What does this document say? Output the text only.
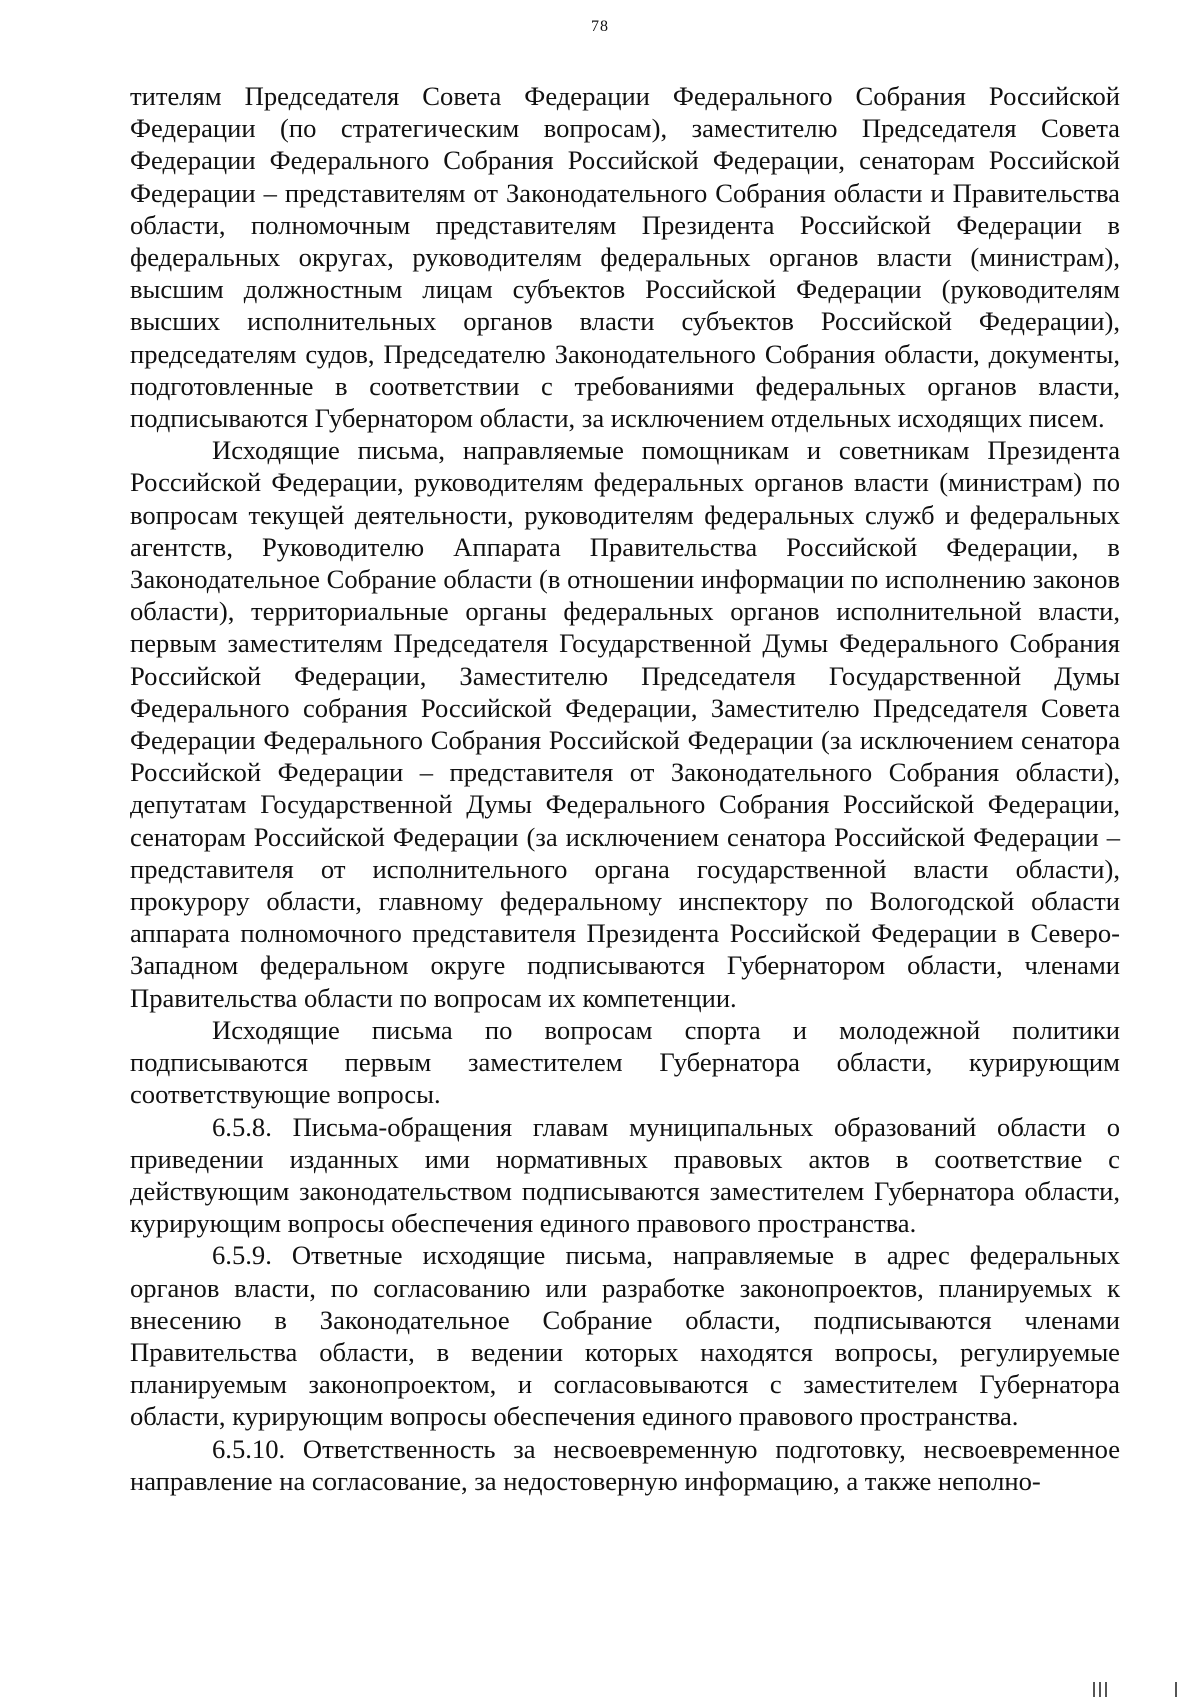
78

тителям Председателя Совета Федерации Федерального Собрания Российской Федерации (по стратегическим вопросам), заместителю Председателя Совета Федерации Федерального Собрания Российской Федерации, сенаторам Российской Федерации – представителям от Законодательного Собрания области и Правительства области, полномочным представителям Президента Российской Федерации в федеральных округах, руководителям федеральных органов власти (министрам), высшим должностным лицам субъектов Российской Федерации (руководителям высших исполнительных органов власти субъектов Российской Федерации), председателям судов, Председателю Законодательного Собрания области, документы, подготовленные в соответствии с требованиями федеральных органов власти, подписываются Губернатором области, за исключением отдельных исходящих писем.

Исходящие письма, направляемые помощникам и советникам Президента Российской Федерации, руководителям федеральных органов власти (министрам) по вопросам текущей деятельности, руководителям федеральных служб и федеральных агентств, Руководителю Аппарата Правительства Российской Федерации, в Законодательное Собрание области (в отношении информации по исполнению законов области), территориальные органы федеральных органов исполнительной власти, первым заместителям Председателя Государственной Думы Федерального Собрания Российской Федерации, Заместителю Председателя Государственной Думы Федерального собрания Российской Федерации, Заместителю Председателя Совета Федерации Федерального Собрания Российской Федерации (за исключением сенатора Российской Федерации – представителя от Законодательного Собрания области), депутатам Государственной Думы Федерального Собрания Российской Федерации, сенаторам Российской Федерации (за исключением сенатора Российской Федерации – представителя от исполнительного органа государственной власти области), прокурору области, главному федеральному инспектору по Вологодской области аппарата полномочного представителя Президента Российской Федерации в Северо-Западном федеральном округе подписываются Губернатором области, членами Правительства области по вопросам их компетенции.

Исходящие письма по вопросам спорта и молодежной политики подписываются первым заместителем Губернатора области, курирующим соответствующие вопросы.

6.5.8. Письма-обращения главам муниципальных образований области о приведении изданных ими нормативных правовых актов в соответствие с действующим законодательством подписываются заместителем Губернатора области, курирующим вопросы обеспечения единого правового пространства.

6.5.9. Ответные исходящие письма, направляемые в адрес федеральных органов власти, по согласованию или разработке законопроектов, планируемых к внесению в Законодательное Собрание области, подписываются членами Правительства области, в ведении которых находятся вопросы, регулируемые планируемым законопроектом, и согласовываются с заместителем Губернатора области, курирующим вопросы обеспечения единого правового пространства.

6.5.10. Ответственность за несвоевременную подготовку, несвоевременное направление на согласование, за недостоверную информацию, а также неполно-
